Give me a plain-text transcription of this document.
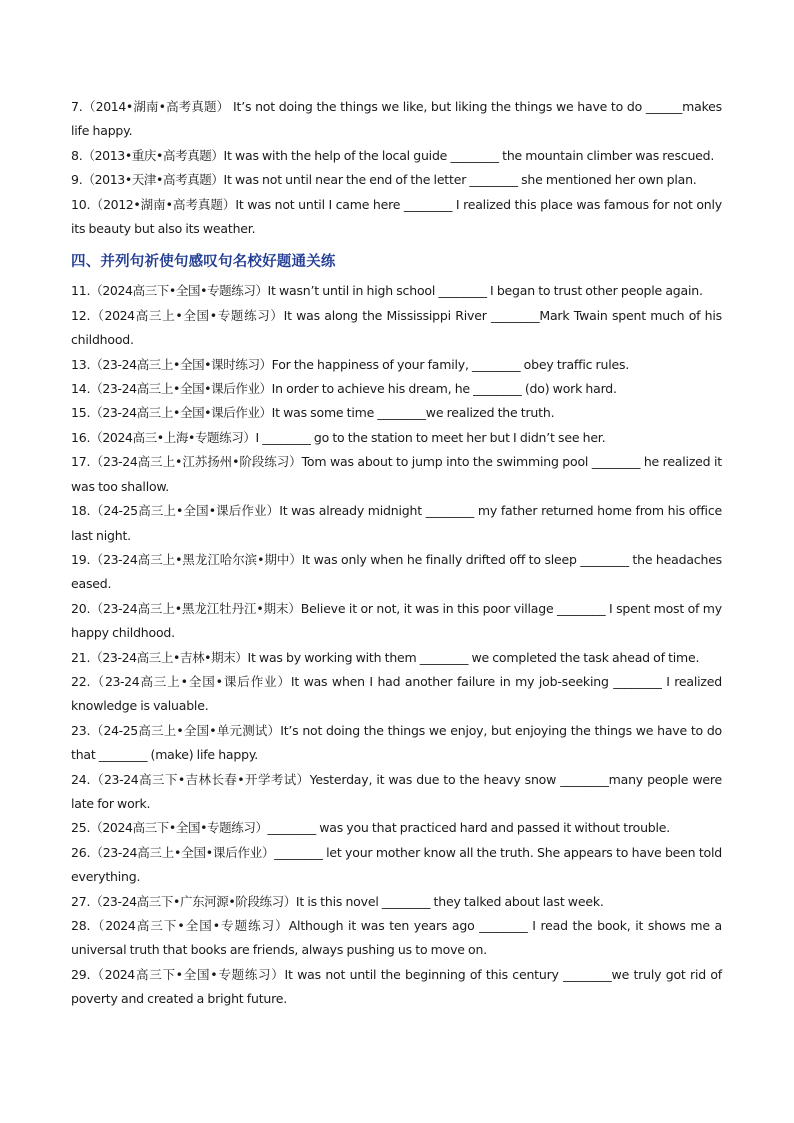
7.（2014•湖南•高考真题） It’s not doing the things we like, but liking the things we have to do ______makes life happy.
8.（2013•重庆•高考真题）It was with the help of the local guide ________ the mountain climber was rescued.
9.（2013•天津•高考真题）It was not until near the end of the letter ________ she mentioned her own plan.
10.（2012•湖南•高考真题）It was not until I came here ________ I realized this place was famous for not only its beauty but also its weather.
四、并列句祈使句感叹句名校好题通关练
11.（2024高三下•全国•专题练习）It wasn’t until in high school ________ I began to trust other people again.
12.（2024高三上•全国•专题练习）It was along the Mississippi River ________Mark Twain spent much of his childhood.
13.（23-24高三上•全国•课时练习）For the happiness of your family, ________ obey traffic rules.
14.（23-24高三上•全国•课后作业）In order to achieve his dream, he ________ (do) work hard.
15.（23-24高三上•全国•课后作业）It was some time ________we realized the truth.
16.（2024高三•上海•专题练习）I ________ go to the station to meet her but I didn’t see her.
17.（23-24高三上•江苏扬州•阶段练习）Tom was about to jump into the swimming pool ________ he realized it was too shallow.
18.（24-25高三上•全国•课后作业）It was already midnight ________ my father returned home from his office last night.
19.（23-24高三上•黑龙江哈尔滨•期中）It was only when he finally drifted off to sleep ________ the headaches eased.
20.（23-24高三上•黑龙江牡丹江•期末）Believe it or not, it was in this poor village ________ I spent most of my happy childhood.
21.（23-24高三上•吉林•期末）It was by working with them ________ we completed the task ahead of time.
22.（23-24高三上•全国•课后作业）It was when I had another failure in my job-seeking ________ I realized knowledge is valuable.
23.（24-25高三上•全国•单元测试）It’s not doing the things we enjoy, but enjoying the things we have to do that ________ (make) life happy.
24.（23-24高三下•吉林长春•开学考试）Yesterday, it was due to the heavy snow ________many people were late for work.
25.（2024高三下•全国•专题练习）________ was you that practiced hard and passed it without trouble.
26.（23-24高三上•全国•课后作业）________ let your mother know all the truth. She appears to have been told everything.
27.（23-24高三下•广东河源•阶段练习）It is this novel ________ they talked about last week.
28.（2024高三下•全国•专题练习）Although it was ten years ago ________ I read the book, it shows me a universal truth that books are friends, always pushing us to move on.
29.（2024高三下•全国•专题练习）It was not until the beginning of this century ________we truly got rid of poverty and created a bright future.
